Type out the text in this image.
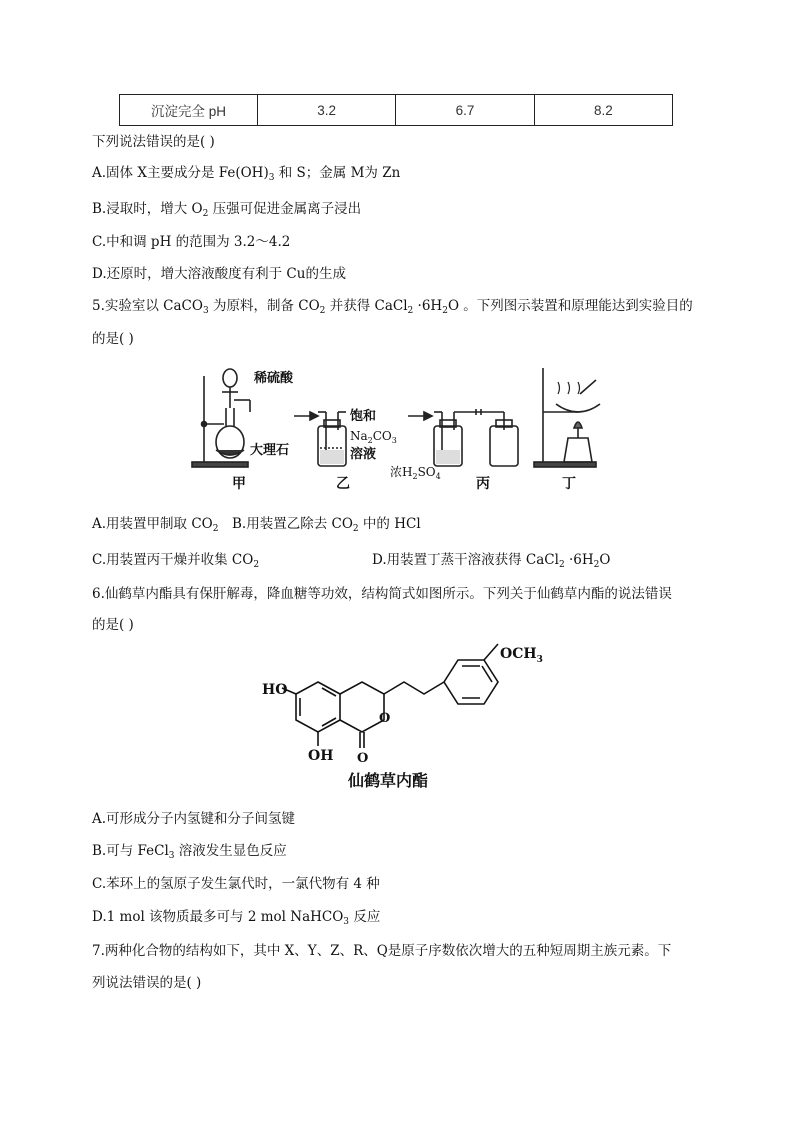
沉淀完全 pH	3.2	6.7	8.2
下列说法错误的是( )
A.固体 X主要成分是 $Fe(OH)_3$ 和 S；金属 M为 Zn
B.浸取时，增大 $O_2$ 压强可促进金属离子浸出
C.中和调 pH 的范围为 3.2～4.2
D.还原时，增大溶液酸度有利于 Cu的生成
5.实验室以 CaCO$_3$ 为原料，制备 $CO_2$ 并获得 CaCl$_2$ $\cdot 6H_2O$ 。下列图示装置和原理能达到实验目的
的是( )
稀硫酸
大理石
饱和
$Na_2CO_3$
溶液
浓$H_2SO_4$
甲	乙	丙	丁
A.用装置甲制取 $CO_2$ B.用装置乙除去 $CO_2$ 中的 HCl
C.用装置丙干燥并收集 $CO_2$	D.用装置丁蒸干溶液获得 CaCl$_2$ $\cdot 6H_2O$
6.仙鹤草内酯具有保肝解毒，降血糖等功效，结构简式如图所示。下列关于仙鹤草内酯的说法错误
的是( )
HO
OH
O
O
$OCH_3$
仙鹤草内酯
A.可形成分子内氢键和分子间氢键
B.可与 FeCl$_3$ 溶液发生显色反应
C.苯环上的氢原子发生氯代时，一氯代物有 4 种
D.1 mol 该物质最多可与 2 mol NaHCO$_3$ 反应
7.两种化合物的结构如下，其中 X、Y、Z、R、Q是原子序数依次增大的五种短周期主族元素。下
列说法错误的是( )
